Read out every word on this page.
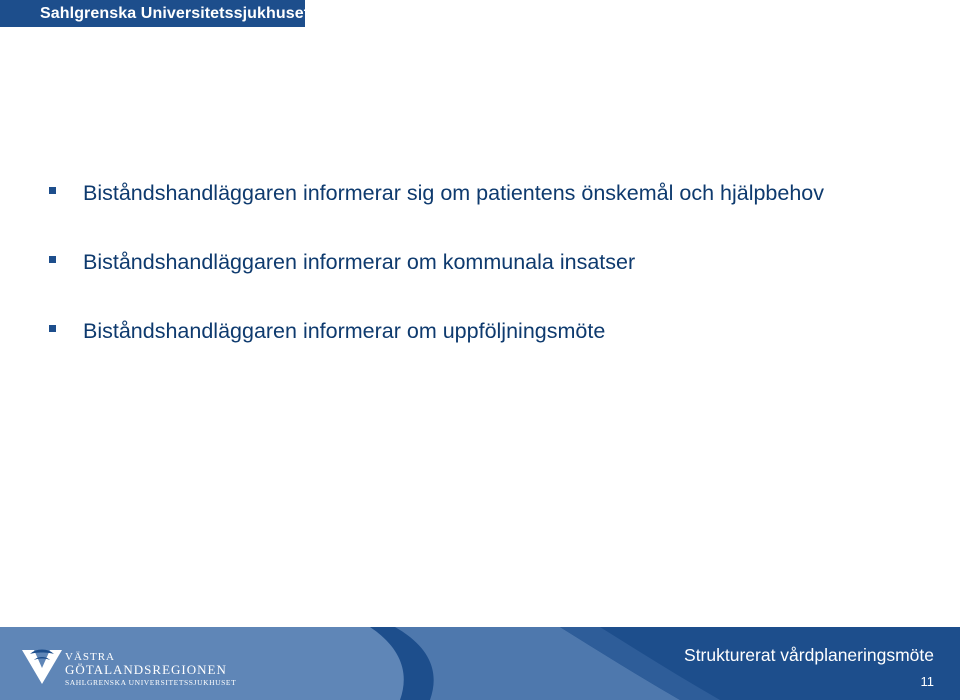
Sahlgrenska Universitetssjukhuset
Biståndshandläggaren informerar sig om patientens önskemål och hjälpbehov
Biståndshandläggaren informerar om kommunala insatser
Biståndshandläggaren informerar om uppföljningsmöte
VÄSTRA
GÖTALANDSREGIONEN
SAHLGRENSKA UNIVERSITETSSJUKHUSET
Strukturerat vårdplaneringsmöte
11
